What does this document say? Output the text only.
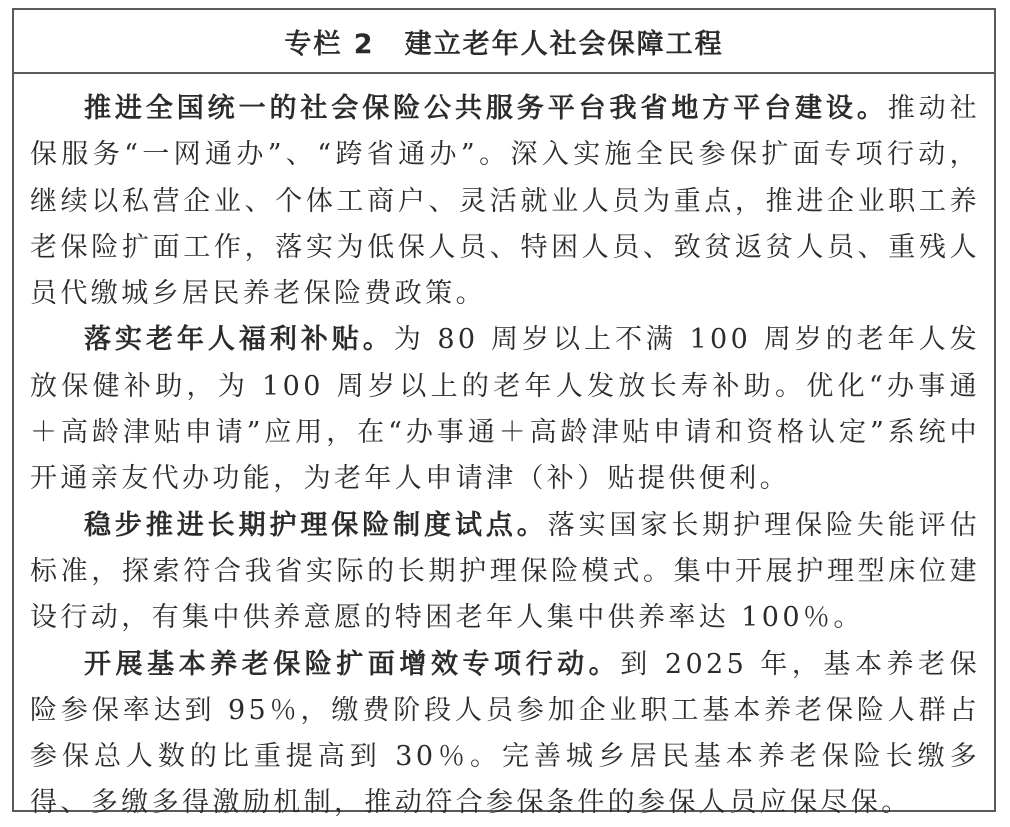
专栏 2 建立老年人社会保障工程

推进全国统一的社会保险公共服务平台我省地方平台建设。推动社保服务“一网通办”、“跨省通办”。深入实施全民参保扩面专项行动，继续以私营企业、个体工商户、灵活就业人员为重点，推进企业职工养老保险扩面工作，落实为低保人员、特困人员、致贫返贫人员、重残人员代缴城乡居民养老保险费政策。

落实老年人福利补贴。为 80 周岁以上不满 100 周岁的老年人发放保健补助，为 100 周岁以上的老年人发放长寿补助。优化“办事通＋高龄津贴申请”应用，在“办事通＋高龄津贴申请和资格认定”系统中开通亲友代办功能，为老年人申请津（补）贴提供便利。

稳步推进长期护理保险制度试点。落实国家长期护理保险失能评估标准，探索符合我省实际的长期护理保险模式。集中开展护理型床位建设行动，有集中供养意愿的特困老年人集中供养率达 100％。

开展基本养老保险扩面增效专项行动。到 2025 年，基本养老保险参保率达到 95％，缴费阶段人员参加企业职工基本养老保险人群占参保总人数的比重提高到 30％。完善城乡居民基本养老保险长缴多得、多缴多得激励机制，推动符合参保条件的参保人员应保尽保。
